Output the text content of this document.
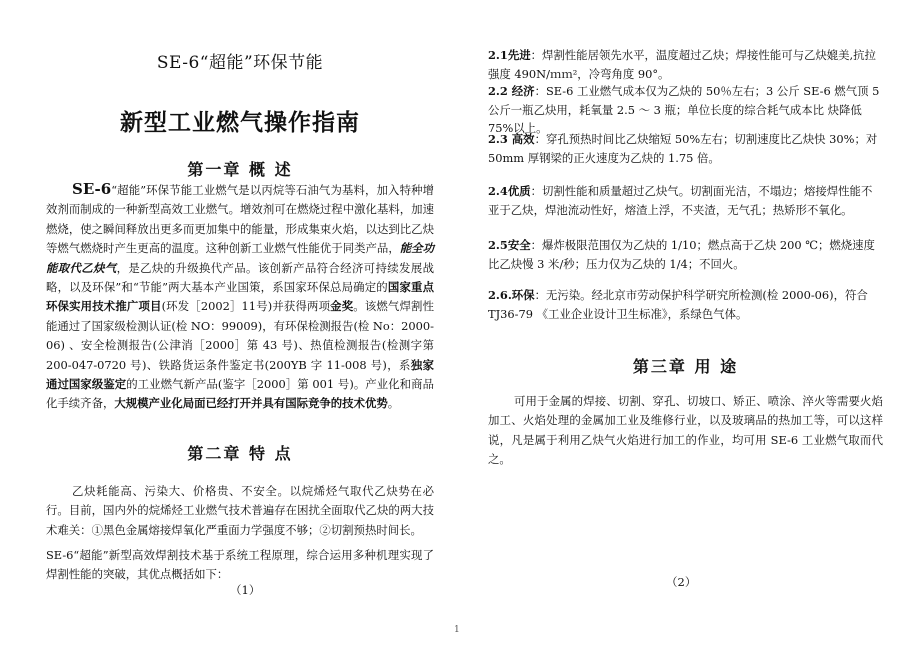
SE-6“超能”环保节能
新型工业燃气操作指南
第一章 概 述
SE-6“超能”环保节能工业燃气是以丙烷等石油气为基料，加入特种增效剂而制成的一种新型高效工业燃气。增效剂可在燃烧过程中激化基料，加速燃烧，使之瞬间释放出更多而更加集中的能量，形成集束火焰，以达到比乙炔等燃气燃烧时产生更高的温度。这种创新工业燃气性能优于同类产品，能全功能取代乙炔气，是乙炔的升级换代产品。该创新产品符合经济可持续发展战略，以及环保”和“节能”两大基本产业国策，系国家环保总局确定的国家重点环保实用技术推广项目(环发［2002］11号)并获得两项金奖。该燃气焊割性能通过了国家级检测认证(检 NO：99009)，有环保检测报告(检 No：2000-06) 、安全检测报告(公津消［2000］第 43 号)、热值检测报告(检测字第 200-047-0720 号)、铁路货运条件鉴定书(200YB 字 11-008 号)，系独家通过国家级鉴定的工业燃气新产品(鉴字［2000］第 001 号)。产业化和商品化手续齐备，大规模产业化局面已经打开并具有国际竞争的技术优势。
第二章 特 点
乙炔耗能高、污染大、价格贵、不安全。以烷烯烃气取代乙炔势在必行。目前，国内外的烷烯烃工业燃气技术普遍存在困扰全面取代乙炔的两大技术难关：①黑色金属熔接焊氧化严重面力学强度不够；②切割预热时间长。
SE-6“超能”新型高效焊割技术基于系统工程原理，综合运用多种机理实现了焊割性能的突破，其优点概括如下：
（1）
2.1先进 ：焊割性能居领先水平，温度超过乙炔；焊接性能可与乙炔媲美,抗拉强度 490N/ｍｍ²，冷弯角度 90°。
2.2 经济 ：SE-6 工业燃气成本仅为乙炔的 50％左右；3 公斤 SE-6 燃气顶 5 公斤一瓶乙炔用，耗氧量 2.5 ～ 3 瓶；单位长度的综合耗气成本比 炔降低 75%以上。
2.3 高效 ：穿孔预热时间比乙炔缩短 50%左右；切割速度比乙炔快 30%；对 50mm 厚钢梁的正火速度为乙炔的 1.75 倍。
2.4优质 ：切割性能和质量超过乙炔气。切割面光洁，不塌边；熔接焊性能不亚于乙炔，焊池流动性好，熔渣上浮，不夹渣，无气孔；热矫形不氧化。
2.5安全 ：爆炸极限范围仅为乙炔的 1/10；燃点高于乙炔 200 ℃；燃烧速度比乙炔慢 3 米/秒；压力仅为乙炔的 1/4；不回火。
2.6.环保 ：无污染。经北京市劳动保护科学研究所检测(检 2000-06)，符合 TJ36-79 《工业企业设计卫生标准》，系绿色气体。
第三章 用 途
可用于金属的焊接、切割、穿孔、切坡口、矫正、喷涂、淬火等需要火焰加工、火焰处理的金属加工业及维修行业，以及玻璃品的热加工等，可以这样说，凡是属于利用乙炔气火焰进行加工的作业，均可用 SE-6 工业燃气取而代之。
（2）
1
